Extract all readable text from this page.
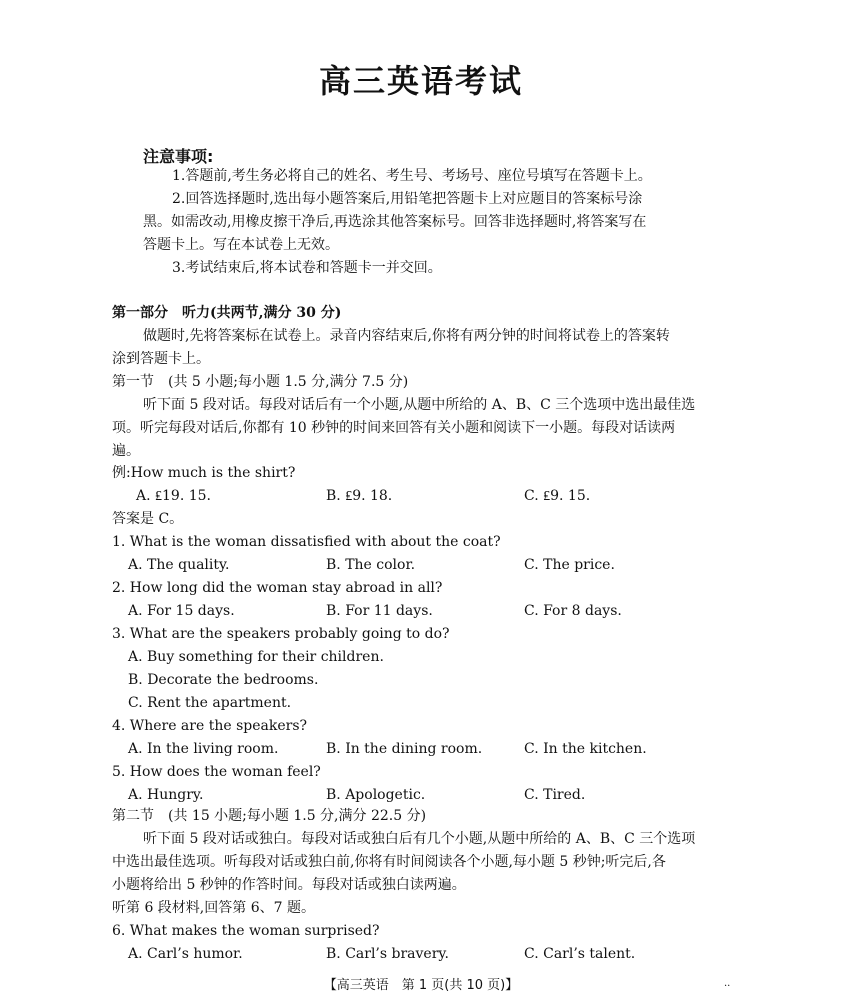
高三英语考试
注意事项:
1.答题前,考生务必将自己的姓名、考生号、考场号、座位号填写在答题卡上。
2.回答选择题时,选出每小题答案后,用铅笔把答题卡上对应题目的答案标号涂
黑。如需改动,用橡皮擦干净后,再选涂其他答案标号。回答非选择题时,将答案写在
答题卡上。写在本试卷上无效。
3.考试结束后,将本试卷和答题卡一并交回。
第一部分　听力(共两节,满分 30 分)
做题时,先将答案标在试卷上。录音内容结束后,你将有两分钟的时间将试卷上的答案转
涂到答题卡上。
第一节　(共 5 小题;每小题 1.5 分,满分 7.5 分)
听下面 5 段对话。每段对话后有一个小题,从题中所给的 A、B、C 三个选项中选出最佳选
项。听完每段对话后,你都有 10 秒钟的时间来回答有关小题和阅读下一小题。每段对话读两
遍。
例:How much is the shirt?
A. ₤19. 15.	B. ₤9. 18.	C. ₤9. 15.
答案是 C。
1. What is the woman dissatisfied with about the coat?
A. The quality.	B. The color.	C. The price.
2. How long did the woman stay abroad in all?
A. For 15 days.	B. For 11 days.	C. For 8 days.
3. What are the speakers probably going to do?
A. Buy something for their children.
B. Decorate the bedrooms.
C. Rent the apartment.
4. Where are the speakers?
A. In the living room.	B. In the dining room.	C. In the kitchen.
5. How does the woman feel?
A. Hungry.	B. Apologetic.	C. Tired.
第二节　(共 15 小题;每小题 1.5 分,满分 22.5 分)
听下面 5 段对话或独白。每段对话或独白后有几个小题,从题中所给的 A、B、C 三个选项
中选出最佳选项。听每段对话或独白前,你将有时间阅读各个小题,每小题 5 秒钟;听完后,各
小题将给出 5 秒钟的作答时间。每段对话或独白读两遍。
听第 6 段材料,回答第 6、7 题。
6. What makes the woman surprised?
A. Carl’s humor.	B. Carl’s bravery.	C. Carl’s talent.
【高三英语　第 1 页(共 10 页)】	..
